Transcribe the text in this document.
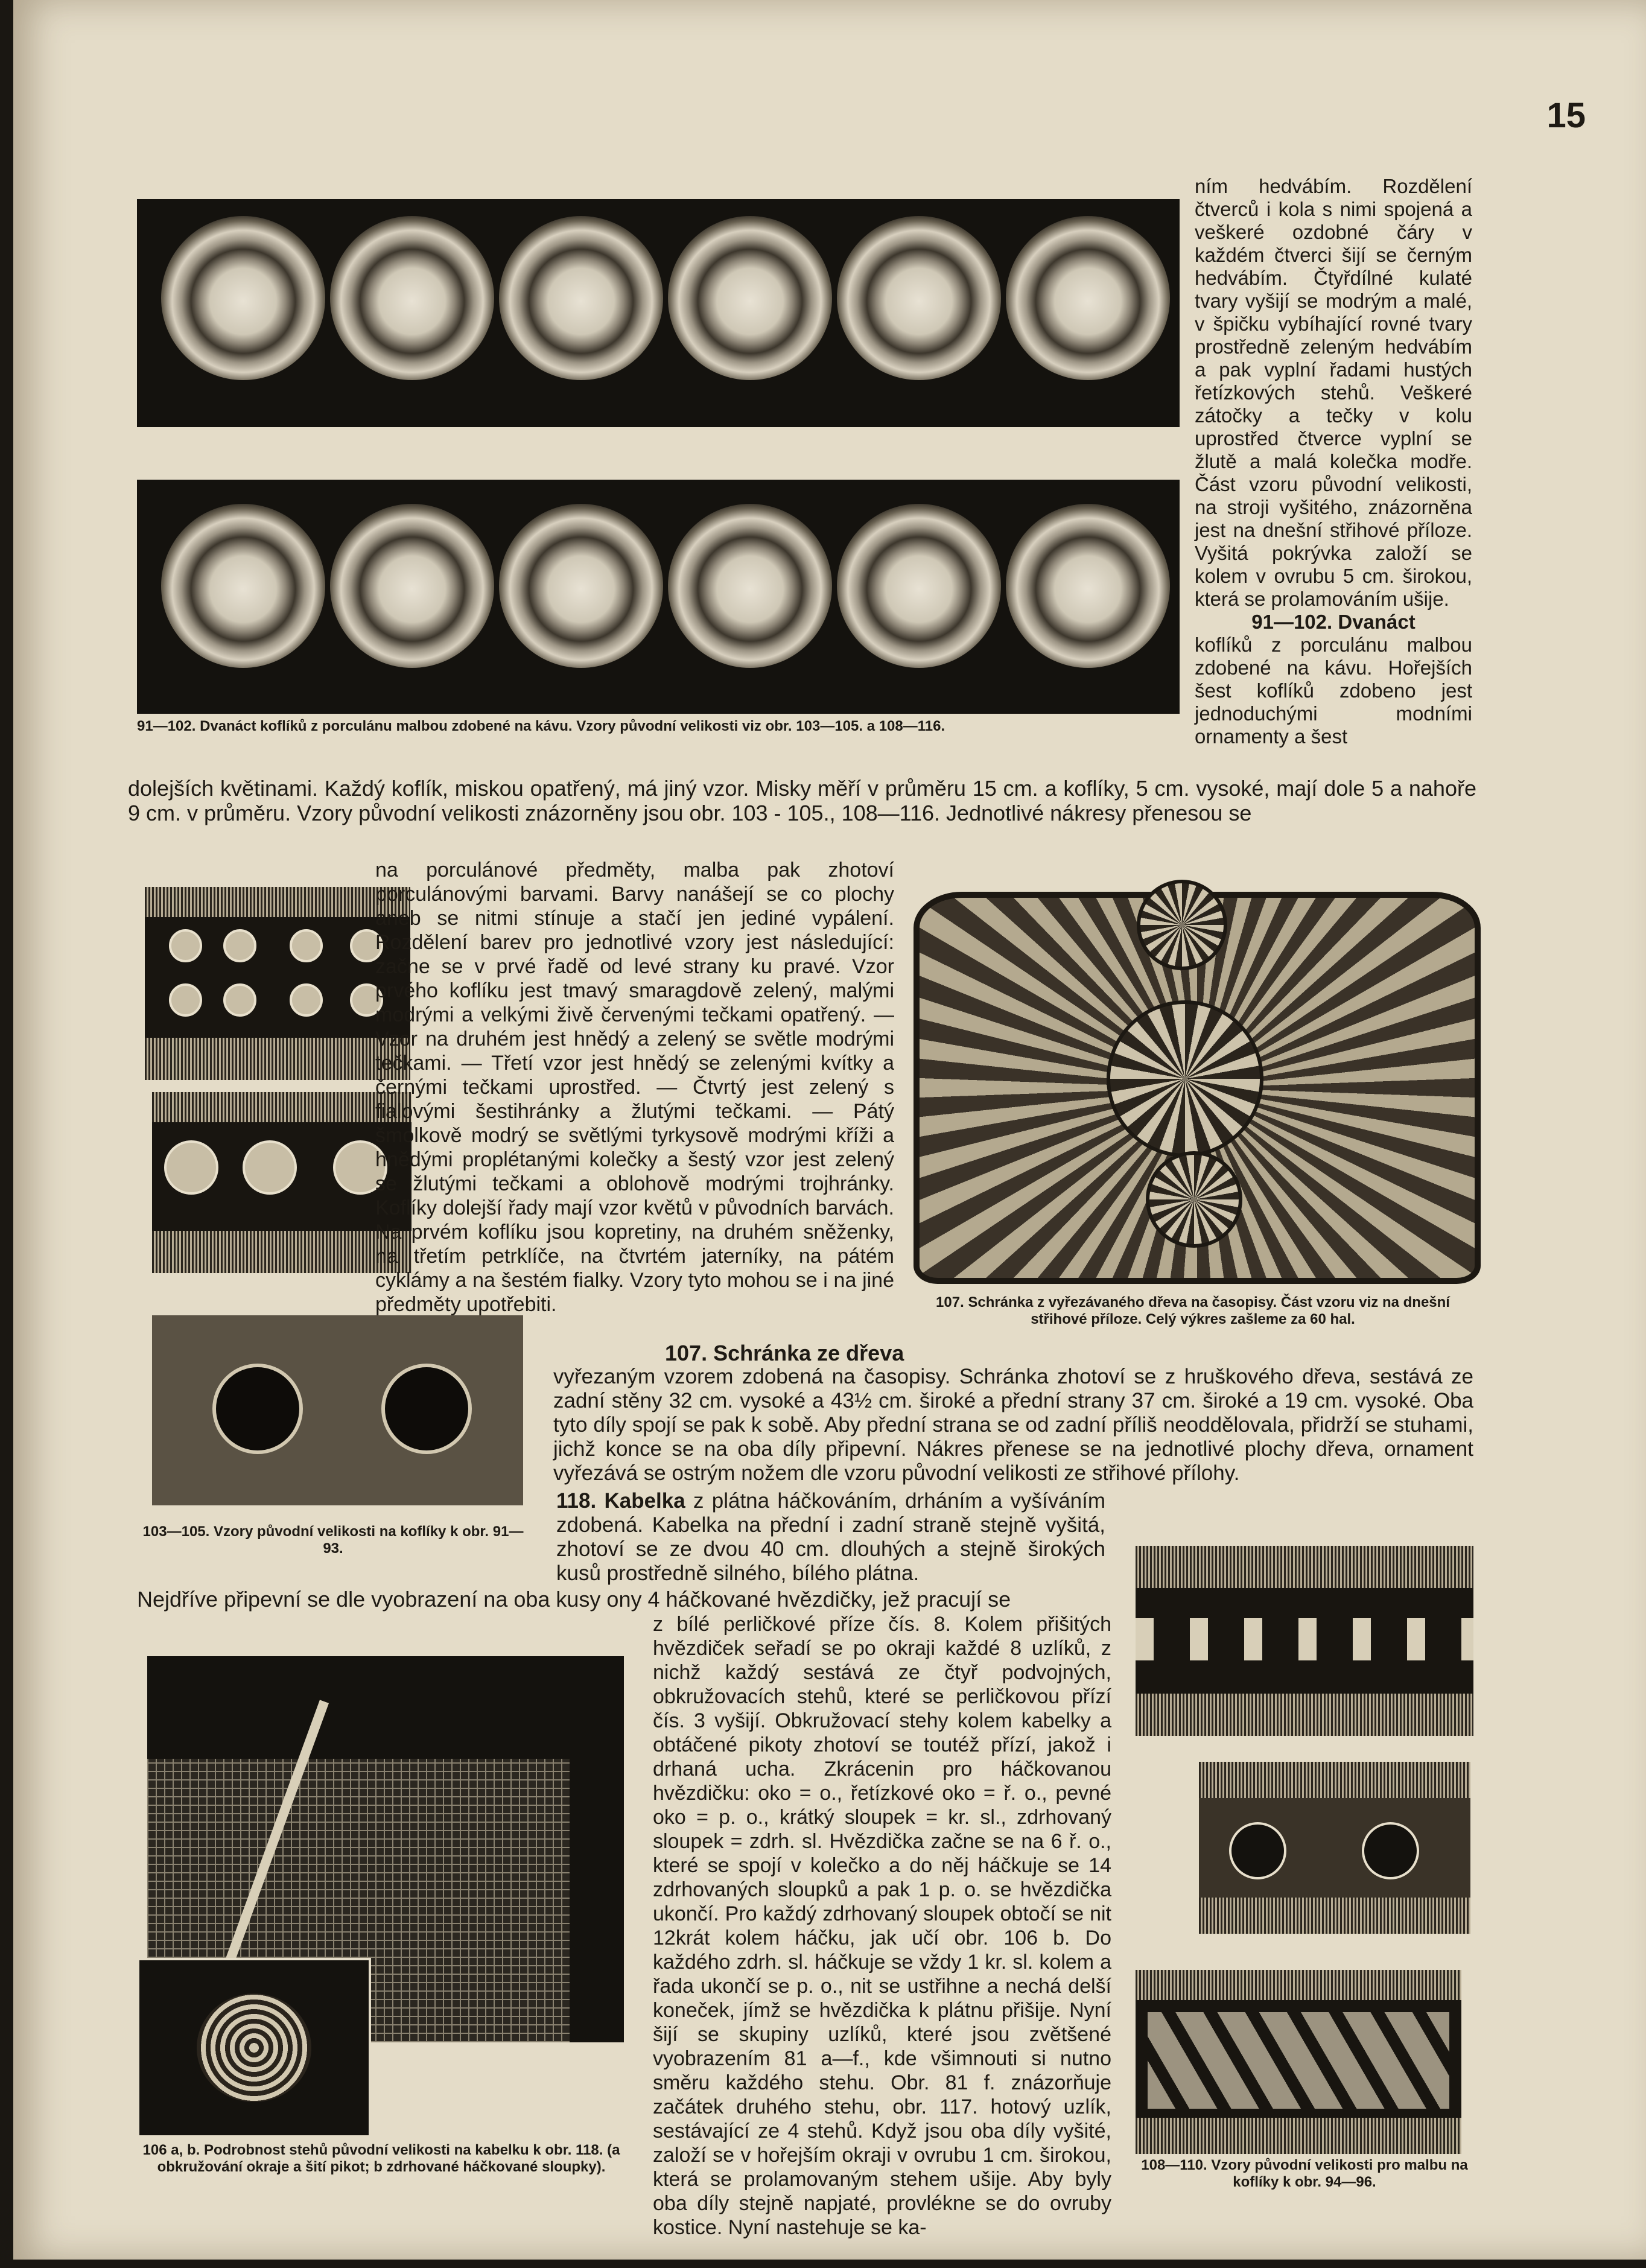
15

91—102. Dvanáct koflíků z porculánu malbou zdobené na kávu. Vzory původní velikosti viz obr. 103—105. a 108—116.

ním hedvábím. Rozdělení čtverců i kola s nimi spojená a veškeré ozdobné čáry v každém čtverci šijí se černým hedvábím. Čtyřdílné kulaté tvary vyšijí se modrým a malé, v špičku vybíhající rovné tvary prostředně zeleným hedvábím a pak vyplní řadami hustých řetízkových stehů. Veškeré zátočky a tečky v kolu uprostřed čtverce vyplní se žlutě a malá kolečka modře. Část vzoru původní velikosti, na stroji vyšitého, znázorněna jest na dnešní střihové příloze. Vyšitá pokrývka založí se kolem v ovrubu 5 cm. širokou, která se prolamováním ušije.

91—102. Dvanáct

koflíků z porculánu malbou zdobené na kávu. Hořejších šest koflíků zdobeno jest jednoduchými modními ornamenty a šest

dolejších květinami. Každý koflík, miskou opatřený, má jiný vzor. Misky měří v průměru 15 cm. a koflíky, 5 cm. vysoké, mají dole 5 a nahoře 9 cm. v průměru. Vzory původní velikosti znázorněny jsou obr. 103 - 105., 108—116. Jednotlivé nákresy přenesou se

103—105. Vzory původní velikosti na koflíky k obr. 91—93.

na porculánové předměty, malba pak zhotoví porculánovými barvami. Barvy nanášejí se co plochy aneb se nitmi stínuje a stačí jen jediné vypálení. Rozdělení barev pro jednotlivé vzory jest následující: začne se v prvé řadě od levé strany ku pravé. Vzor prvého koflíku jest tmavý smaragdově zelený, malými modrými a velkými živě červenými tečkami opatřený. — Vzor na druhém jest hnědý a zelený se světle modrými tečkami. — Třetí vzor jest hnědý se zelenými kvítky a černými tečkami uprostřed. — Čtvrtý jest zelený s fialovými šestihránky a žlutými tečkami. — Pátý šmolkově modrý se světlými tyrkysově modrými kříži a hnědými proplétanými kolečky a šestý vzor jest zelený se žlutými tečkami a oblohově modrými trojhránky. Koflíky dolejší řady mají vzor květů v původních barvách. Na prvém koflíku jsou kopretiny, na druhém sněženky, na třetím petrklíče, na čtvrtém jaterníky, na pátém cyklámy a na šestém fialky. Vzory tyto mohou se i na jiné předměty upotřebiti.	107. Schránka z vyřezávaného dřeva na časopisy. Část vzoru viz na dnešní střihové příloze. Celý výkres zašleme za 60 hal.

107. Schránka ze dřeva

vyřezaným vzorem zdobená na časopisy. Schránka zhotoví se z hruškového dřeva, sestává ze zadní stěny 32 cm. vysoké a 43½ cm. široké a přední strany 37 cm. široké a 19 cm. vysoké. Oba tyto díly spojí se pak k sobě. Aby přední strana se od zadní příliš neoddělovala, přidrží se stuhami, jichž konce se na oba díly připevní. Nákres přenese se na jednotlivé plochy dřeva, ornament vyřezává se ostrým nožem dle vzoru původní velikosti ze střihové přílohy.

118. Kabelka z plátna háčkováním, drháním a vyšíváním zdobená. Kabelka na přední i zadní straně stejně vyšitá, zhotoví se ze dvou 40 cm. dlouhých a stejně širokých kusů prostředně silného, bílého plátna.

Nejdříve připevní se dle vyobrazení na oba kusy ony 4 háčkované hvězdičky, jež pracují se

z bílé perličkové příze čís. 8. Kolem přišitých hvězdiček seřadí se po okraji každé 8 uzlíků, z nichž každý sestává ze čtyř podvojných, obkružovacích stehů, které se perličkovou přízí čís. 3 vyšijí. Obkružovací stehy kolem kabelky a obtáčené pikoty zhotoví se toutéž přízí, jakož i drhaná ucha. Zkrácenin pro háčkovanou hvězdičku: oko = o., řetízkové oko = ř. o., pevné oko = p. o., krátký sloupek = kr. sl., zdrhovaný sloupek = zdrh. sl. Hvězdička začne se na 6 ř. o., které se spojí v kolečko a do něj háčkuje se 14 zdrhovaných sloupků a pak 1 p. o. se hvězdička ukončí. Pro každý zdrhovaný sloupek obtočí se nit 12krát kolem háčku, jak učí obr. 106 b. Do každého zdrh. sl. háčkuje se vždy 1 kr. sl. kolem a řada ukončí se p. o., nit se ustřihne a nechá delší koneček, jímž se hvězdička k plátnu přišije. Nyní šijí se skupiny uzlíků, které jsou zvětšené vyobrazením 81 a—f., kde všimnouti si nutno směru každého stehu. Obr. 81 f. znázorňuje začátek druhého stehu, obr. 117. hotový uzlík, sestávající ze 4 stehů. Když jsou oba díly vyšité, založí se v hořejším okraji v ovrubu 1 cm. širokou, která se prolamovaným stehem ušije. Aby byly oba díly stejně napjaté, provlékne se do ovruby kostice. Nyní nastehuje se ka-

106 a, b. Podrobnost stehů původní velikosti na kabelku k obr. 118. (a obkružování okraje a šití pikot; b zdrhované háčkované sloupky).	108—110. Vzory původní velikosti pro malbu na koflíky k obr. 94—96.
